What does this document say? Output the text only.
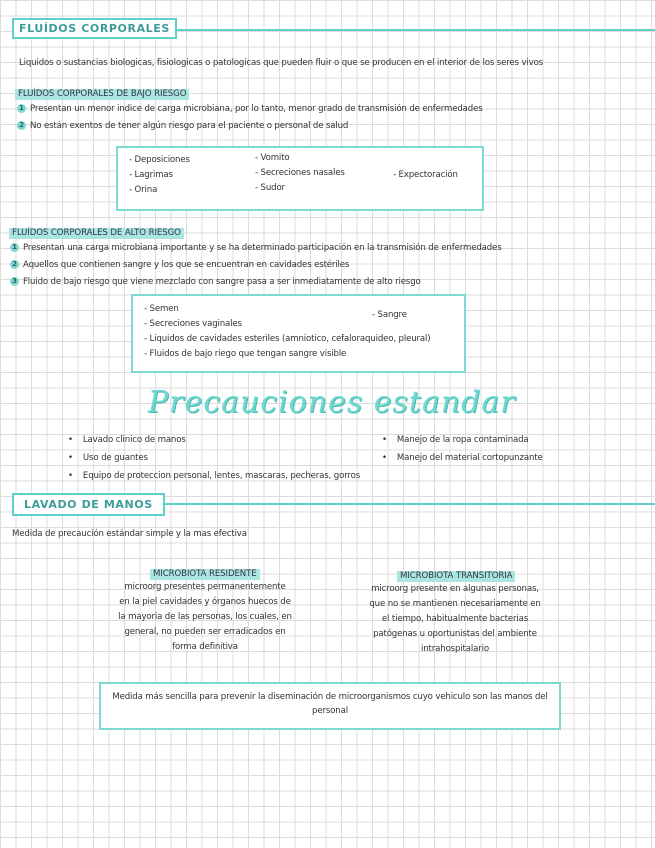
FLUÍDOS CORPORALES
Liquidos o sustancias biologicas, fisiologicas o patologicas que pueden fluir o que se producen en el interior de los seres vivos
FLUÍDOS CORPORALES DE BAJO RIESGO
1 Presentan un menor indice de carga microbiana, por lo tanto, menor grado de transmisión de enfermedades
2 No están exentos de tener algún riesgo para el paciente o personal de salud
- Deposiciones
- Lagrimas
- Orina
- Vomito
- Secreciones nasales
- Sudor
- Expectoración
FLUÍDOS CORPORALES DE ALTO RIESGO
1 Presentan una carga microbiana importante y se ha determinado participación en la transmisión de enfermedades
2 Aquellos que contienen sangre y los que se encuentran en cavidades estériles
3 Fluido de bajo riesgo que viene mezclado con sangre pasa a ser inmediatamente de alto riesgo
- Semen
- Secreciones vaginales
- Liquidos de cavidades esteriles (amniotico, cefaloraquideo, pleural)
- Fluidos de bajo riego que tengan sangre visible
- Sangre
Precauciones estandar
• Lavado clinico de manos
• Uso de guantes
• Equipo de proteccion personal, lentes, mascaras, pecheras, gorros
• Manejo de la ropa contaminada
• Manejo del material cortopunzante
LAVADO DE MANOS
Medida de precaución estándar simple y la mas efectiva
MICROBIOTA RESIDENTE
microorg presentes permanentemente
en la piel cavidades y órganos huecos de
la mayoria de las personas, los cuales, en
general, no pueden ser erradicados en
forma definitiva
MICROBIOTA TRANSITORIA
microorg presente en algunas personas,
que no se mantienen necesariamente en
el tiempo, habitualmente bacterias
patógenas u oportunistas del ambiente
intrahospitalario
Medida más sencilla para prevenir la diseminación de microorganismos cuyo vehiculo son las manos del
personal
